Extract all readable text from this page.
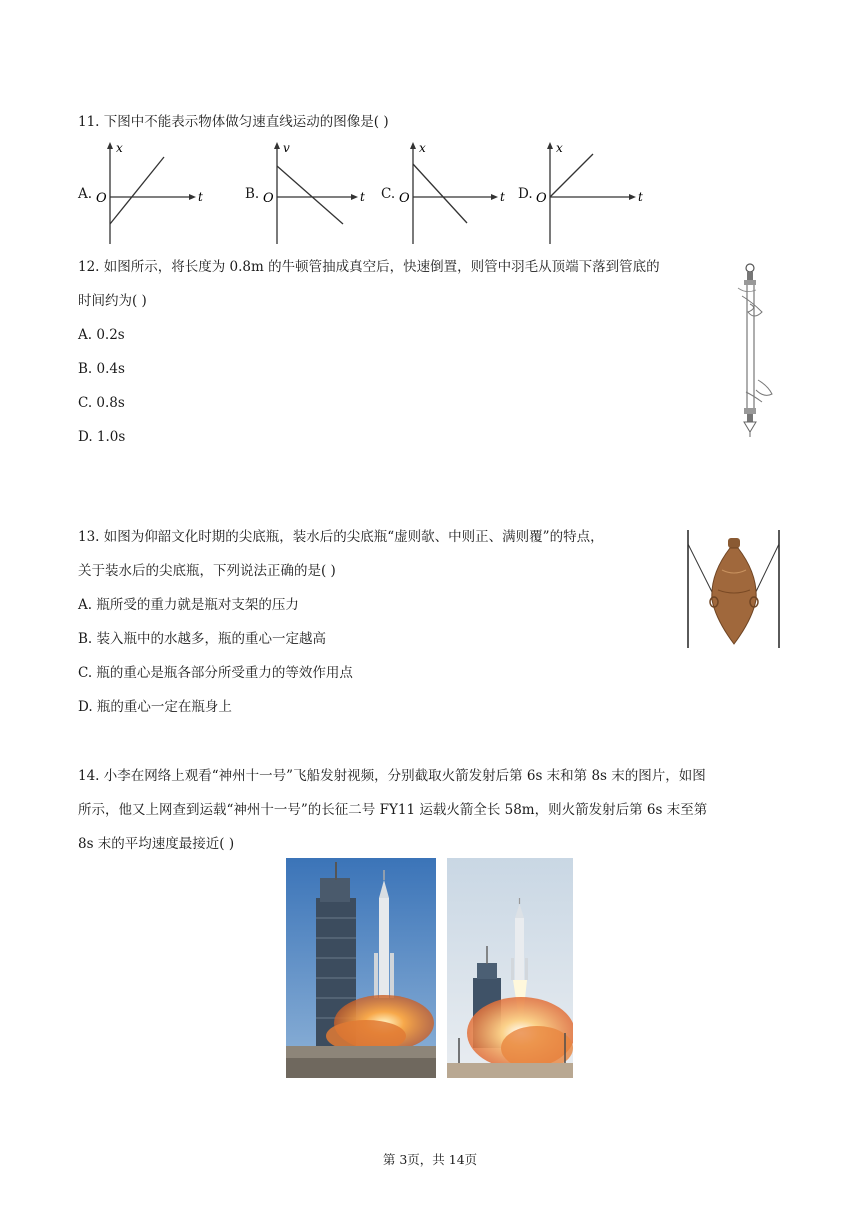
11. 下图中不能表示物体做匀速直线运动的图像是( )
A.
x
O	t	B.
v
O	t C.
x
O	t D.
x
O	t
12. 如图所示，将长度为 0.8m 的牛顿管抽成真空后，快速倒置，则管中羽毛从顶端下落到管底的
时间约为( )
A. 0.2s
B. 0.4s
C. 0.8s
D. 1.0s
13. 如图为仰韶文化时期的尖底瓶，装水后的尖底瓶“虚则欹、中则正、满则覆”的特点，
关于装水后的尖底瓶，下列说法正确的是( )
A. 瓶所受的重力就是瓶对支架的压力
B. 装入瓶中的水越多，瓶的重心一定越高
C. 瓶的重心是瓶各部分所受重力的等效作用点
D. 瓶的重心一定在瓶身上
14. 小李在网络上观看“神州十一号”飞船发射视频，分别截取火箭发射后第 6s 末和第 8s 末的图片，如图
所示，他又上网查到运载“神州十一号”的长征二号 FY11 运载火箭全长 58m，则火箭发射后第 6s 末至第
8s 末的平均速度最接近( )
第 3页，共 14页
